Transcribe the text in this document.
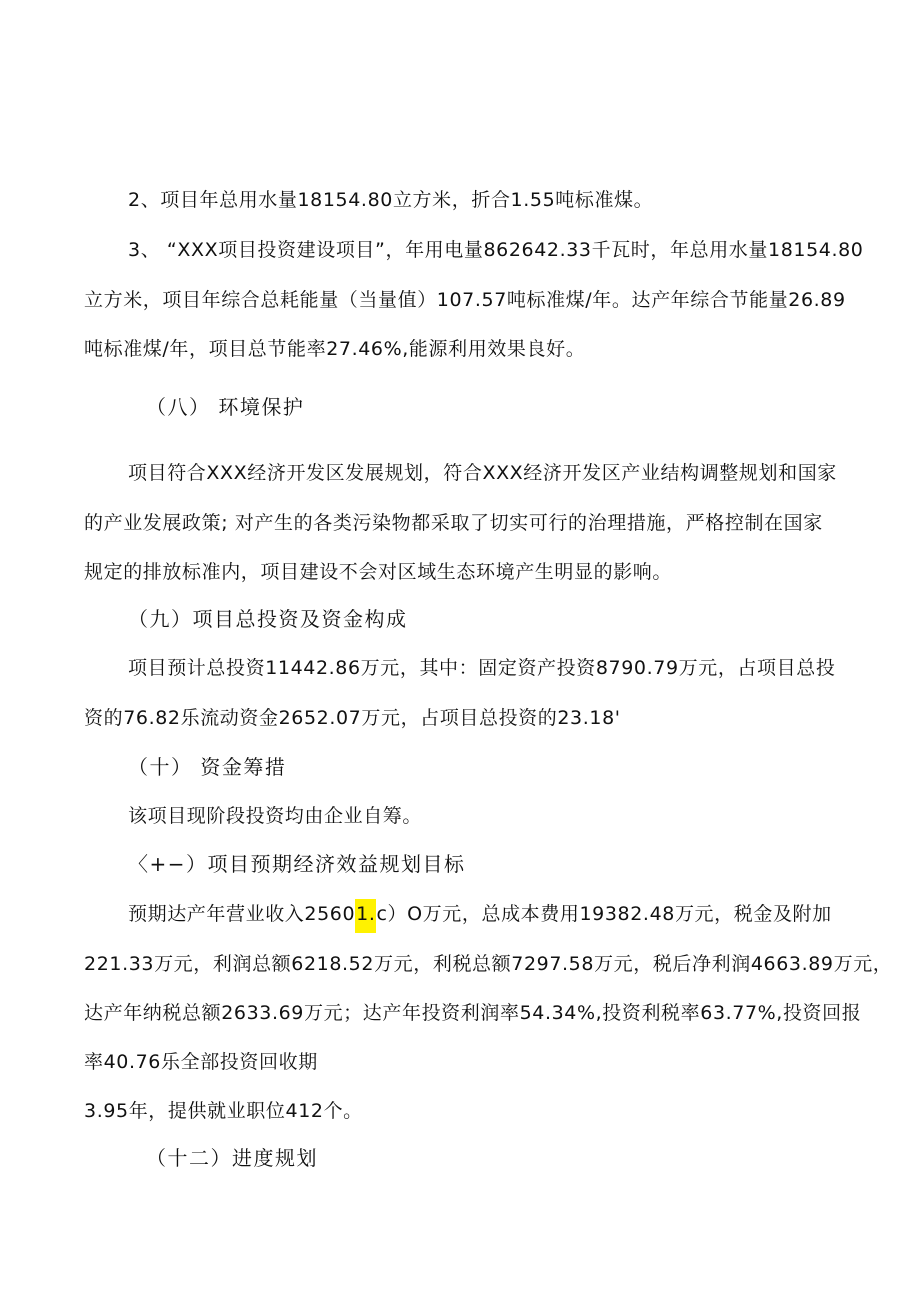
2、项目年总用水量18154.80立方米，折合1.55吨标准煤。
3、 “XXX项目投资建设项目”，年用电量862642.33千瓦时，年总用水量18154.80
立方米，项目年综合总耗能量（当量值）107.57吨标准煤/年。达产年综合节能量26.89
吨标准煤/年，项目总节能率27.46%,能源利用效果良好。
（八） 环境保护
项目符合XXX经济开发区发展规划，符合XXX经济开发区产业结构调整规划和国家
的产业发展政策; 对产生的各类污染物都采取了切实可行的治理措施，严格控制在国家
规定的排放标准内，项目建设不会对区域生态环境产生明显的影响。
（九）项目总投资及资金构成
项目预计总投资11442.86万元，其中：固定资产投资8790.79万元，占项目总投
资的76.82乐流动资金2652.07万元，占项目总投资的23.18'
（十） 资金筹措
该项目现阶段投资均由企业自筹。
〈+−）项目预期经济效益规划目标
预期达产年营业收入25601.c）O万元，总成本费用19382.48万元，税金及附加
221.33万元，利润总额6218.52万元，利税总额7297.58万元，税后净利润4663.89万元，
达产年纳税总额2633.69万元；达产年投资利润率54.34%,投资利税率63.77%,投资回报
率40.76乐全部投资回收期
3.95年，提供就业职位412个。
（十二）进度规划
